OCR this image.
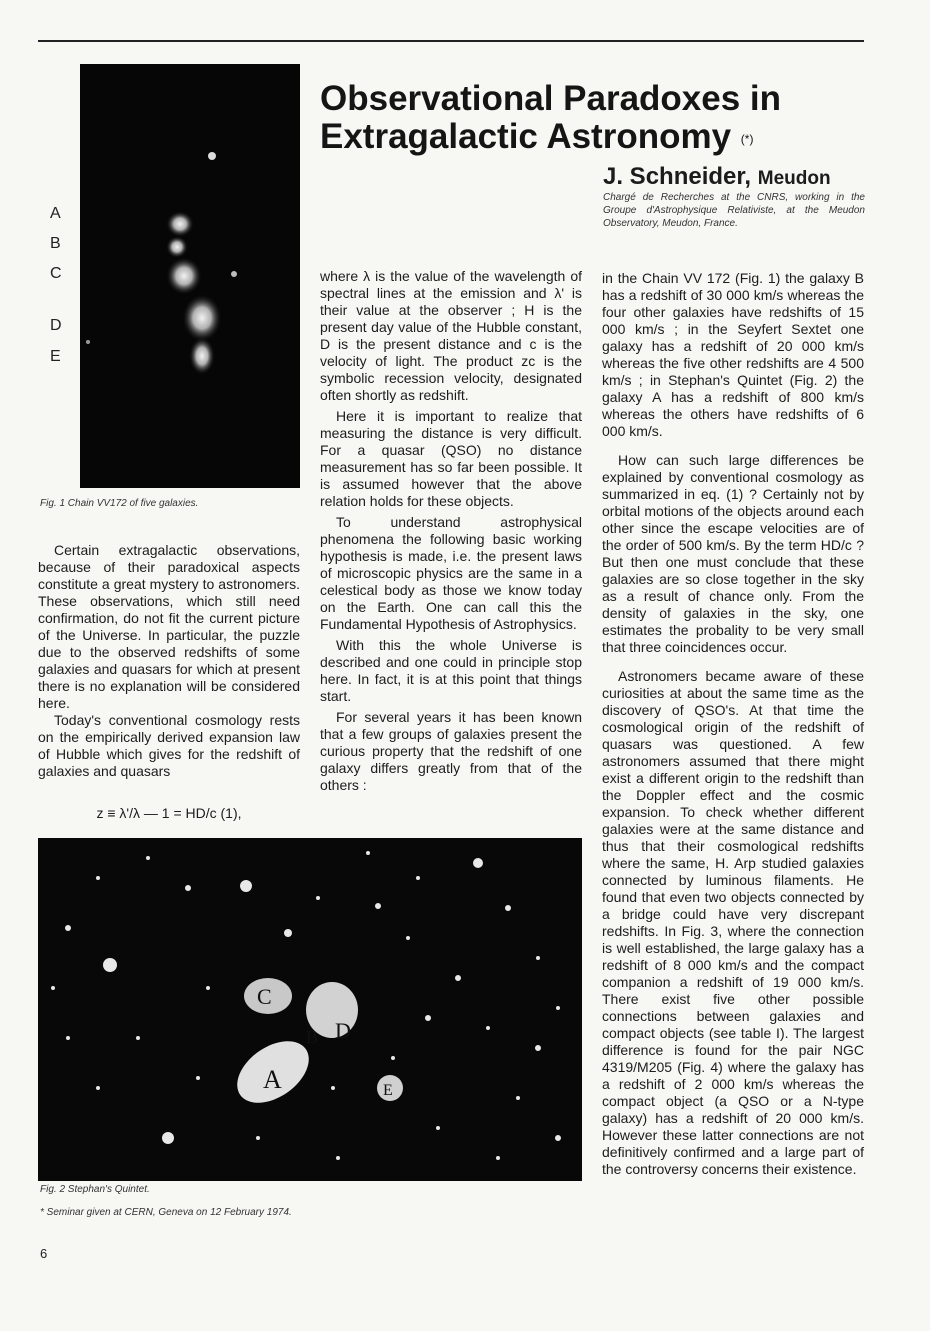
Observational Paradoxes in Extragalactic Astronomy (*)
J. Schneider, Meudon
Chargé de Recherches at the CNRS, working in the Groupe d'Astrophysique Relativiste, at the Meudon Observatory, Meudon, France.
A
B
C
D
E
Fig. 1 Chain VV172 of five galaxies.

Certain extragalactic observations, because of their paradoxical aspects constitute a great mystery to astronomers. These observations, which still need confirmation, do not fit the current picture of the Universe. In particular, the puzzle due to the observed redshifts of some galaxies and quasars for which at present there is no explanation will be considered here.

Today's conventional cosmology rests on the empirically derived expansion law of Hubble which gives for the redshift of galaxies and quasars

z ≡ λ'/λ — 1 = HD/c (1),

where λ is the value of the wavelength of spectral lines at the emission and λ' is their value at the observer ; H is the present day value of the Hubble constant, D is the present distance and c is the velocity of light. The product zc is the symbolic recession velocity, designated often shortly as redshift.

Here it is important to realize that measuring the distance is very difficult. For a quasar (QSO) no distance measurement has so far been possible. It is assumed however that the above relation holds for these objects.

To understand astrophysical phenomena the following basic working hypothesis is made, i.e. the present laws of microscopic physics are the same in a celestical body as those we know today on the Earth. One can call this the Fundamental Hypothesis of Astrophysics.

With this the whole Universe is described and one could in principle stop here. In fact, it is at this point that things start.

For several years it has been known that a few groups of galaxies present the curious property that the redshift of one galaxy differs greatly from that of the others :

in the Chain VV 172 (Fig. 1) the galaxy B has a redshift of 30 000 km/s whereas the four other galaxies have redshifts of 15 000 km/s ; in the Seyfert Sextet one galaxy has a redshift of 20 000 km/s whereas the five other redshifts are 4 500 km/s ; in Stephan's Quintet (Fig. 2) the galaxy A has a redshift of 800 km/s whereas the others have redshifts of 6 000 km/s.

How can such large differences be explained by conventional cosmology as summarized in eq. (1) ? Certainly not by orbital motions of the objects around each other since the escape velocities are of the order of 500 km/s. By the term HD/c ? But then one must conclude that these galaxies are so close together in the sky as a result of chance only. From the density of galaxies in the sky, one estimates the probality to be very small that three coincidences occur.

Astronomers became aware of these curiosities at about the same time as the discovery of QSO's. At that time the cosmological origin of the redshift of quasars was questioned. A few astronomers assumed that there might exist a different origin to the redshift than the Doppler effect and the cosmic expansion. To check whether different galaxies were at the same distance and thus that their cosmological redshifts where the same, H. Arp studied galaxies connected by luminous filaments. He found that even two objects connected by a bridge could have very discrepant redshifts. In Fig. 3, where the connection is well established, the large galaxy has a redshift of 8 000 km/s and the compact companion a redshift of 19 000 km/s. There exist five other possible connections between galaxies and compact objects (see table I). The largest difference is found for the pair NGC 4319/M205 (Fig. 4) where the galaxy has a redshift of 2 000 km/s whereas the compact object (a QSO or a N-type galaxy) has a redshift of 20 000 km/s. However these latter connections are not definitively confirmed and a large part of the controversy concerns their existence.

C
B D
A	E
Fig. 2 Stephan's Quintet.
* Seminar given at CERN, Geneva on 12 February 1974.
6
